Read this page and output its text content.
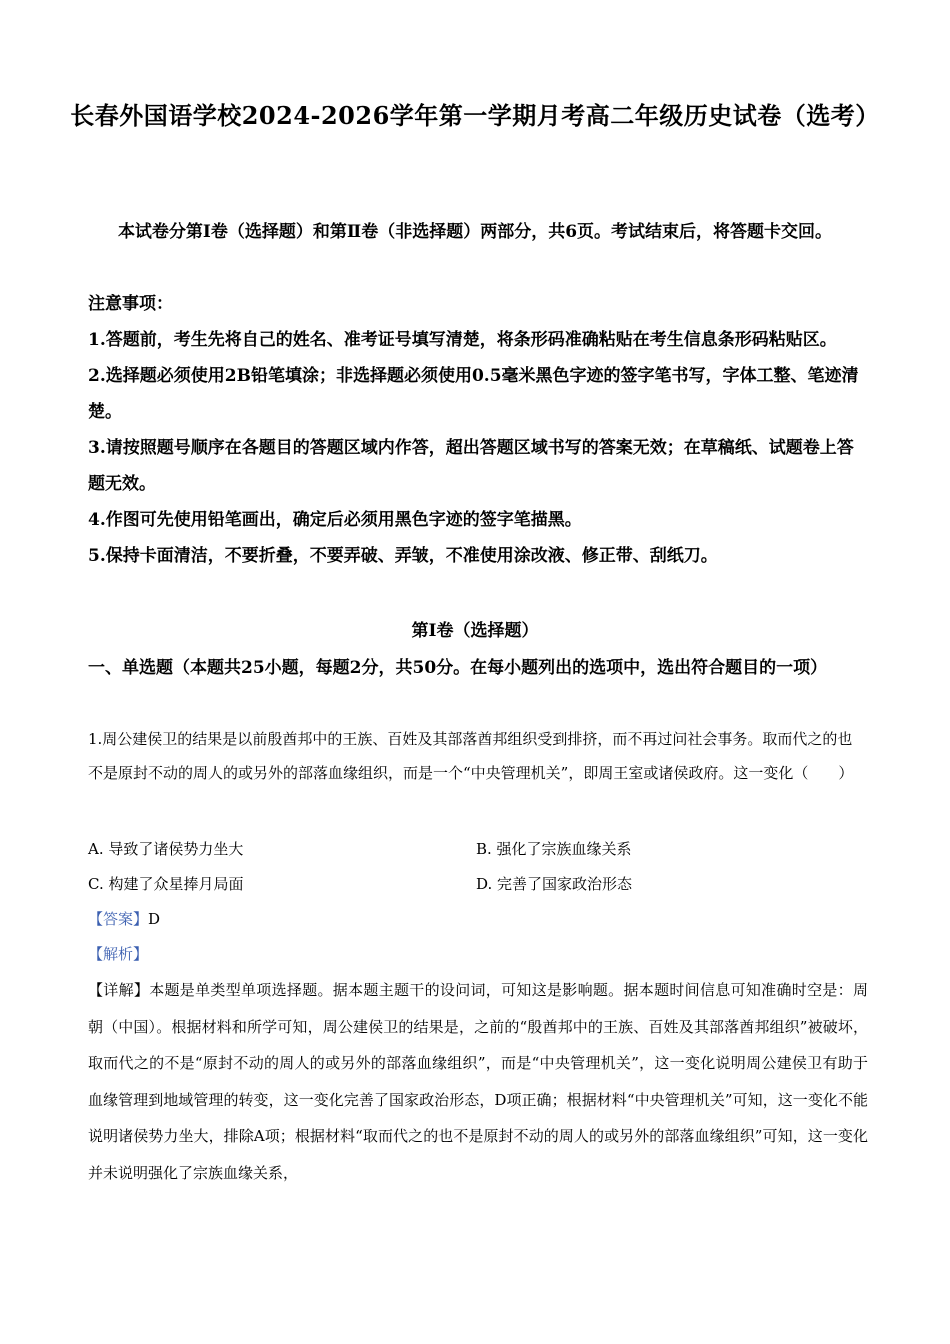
长春外国语学校2024-2026学年第一学期月考高二年级历史试卷（选考）
本试卷分第Ⅰ卷（选择题）和第Ⅱ卷（非选择题）两部分，共6页。考试结束后，将答题卡交回。

注意事项：

1.答题前，考生先将自己的姓名、准考证号填写清楚，将条形码准确粘贴在考生信息条形码粘贴区。

2.选择题必须使用2B铅笔填涂；非选择题必须使用0.5毫米黑色字迹的签字笔书写，字体工整、笔迹清楚。

3.请按照题号顺序在各题目的答题区域内作答，超出答题区域书写的答案无效；在草稿纸、试题卷上答题无效。

4.作图可先使用铅笔画出，确定后必须用黑色字迹的签字笔描黑。

5.保持卡面清洁，不要折叠，不要弄破、弄皱，不准使用涂改液、修正带、刮纸刀。

第Ⅰ卷（选择题）
一、单选题（本题共25小题，每题2分，共50分。在每小题列出的选项中，选出符合题目的一项）
1.周公建侯卫的结果是以前殷酋邦中的王族、百姓及其部落酋邦组织受到排挤，而不再过问社会事务。取而代之的也不是原封不动的周人的或另外的部落血缘组织，而是一个“中央管理机关”，即周王室或诸侯政府。这一变化（　　）
A. 导致了诸侯势力坐大	B. 强化了宗族血缘关系
C. 构建了众星捧月局面	D. 完善了国家政治形态

【答案】D

【解析】

【详解】本题是单类型单项选择题。据本题主题干的设问词，可知这是影响题。据本题时间信息可知准确时空是：周朝（中国）。根据材料和所学可知，周公建侯卫的结果是，之前的“殷酋邦中的王族、百姓及其部落酋邦组织”被破坏，取而代之的不是“原封不动的周人的或另外的部落血缘组织”，而是“中央管理机关”，这一变化说明周公建侯卫有助于血缘管理到地域管理的转变，这一变化完善了国家政治形态，D项正确；根据材料“中央管理机关”可知，这一变化不能说明诸侯势力坐大，排除A项；根据材料“取而代之的也不是原封不动的周人的或另外的部落血缘组织”可知，这一变化并未说明强化了宗族血缘关系，
